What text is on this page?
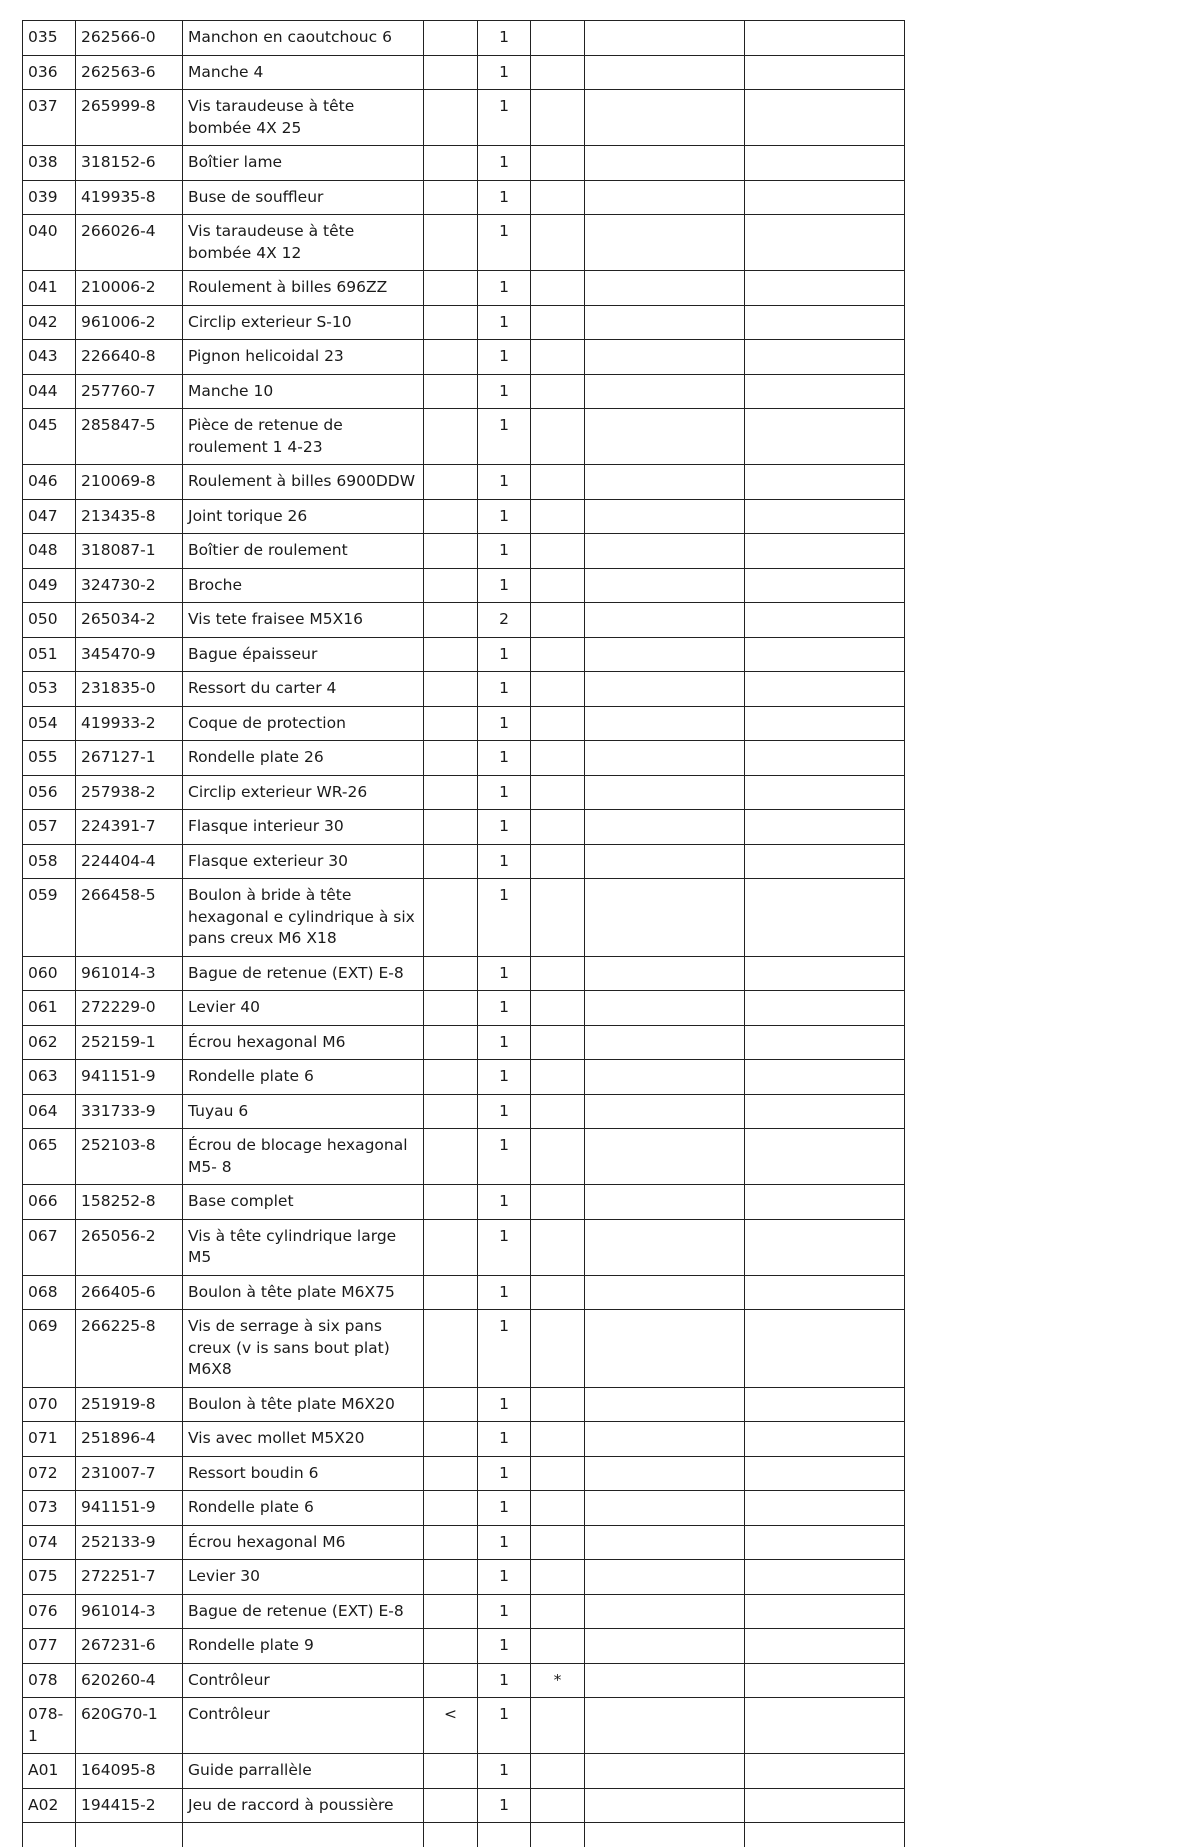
035	262566-0	Manchon en caoutchouc 6		1			
036	262563-6	Manche 4		1			
037	265999-8	Vis taraudeuse à tête bombée 4X 25		1			
038	318152-6	Boîtier lame		1			
039	419935-8	Buse de souffleur		1			
040	266026-4	Vis taraudeuse à tête bombée 4X 12		1			
041	210006-2	Roulement à billes 696ZZ		1			
042	961006-2	Circlip exterieur S-10		1			
043	226640-8	Pignon helicoidal 23		1			
044	257760-7	Manche 10		1			
045	285847-5	Pièce de retenue de roulement 1 4-23		1			
046	210069-8	Roulement à billes 6900DDW		1			
047	213435-8	Joint torique 26		1			
048	318087-1	Boîtier de roulement		1			
049	324730-2	Broche		1			
050	265034-2	Vis tete fraisee M5X16		2			
051	345470-9	Bague épaisseur		1			
053	231835-0	Ressort du carter 4		1			
054	419933-2	Coque de protection		1			
055	267127-1	Rondelle plate 26		1			
056	257938-2	Circlip exterieur WR-26		1			
057	224391-7	Flasque interieur 30		1			
058	224404-4	Flasque exterieur 30		1			
059	266458-5	Boulon à bride à tête hexagonal e cylindrique à six pans creux M6 X18		1			
060	961014-3	Bague de retenue (EXT) E-8		1			
061	272229-0	Levier 40		1			
062	252159-1	Écrou hexagonal M6		1			
063	941151-9	Rondelle plate 6		1			
064	331733-9	Tuyau 6		1			
065	252103-8	Écrou de blocage hexagonal M5- 8		1			
066	158252-8	Base complet		1			
067	265056-2	Vis à tête cylindrique large M5		1			
068	266405-6	Boulon à tête plate M6X75		1			
069	266225-8	Vis de serrage à six pans creux (v is sans bout plat) M6X8		1			
070	251919-8	Boulon à tête plate M6X20		1			
071	251896-4	Vis avec mollet M5X20		1			
072	231007-7	Ressort boudin 6		1			
073	941151-9	Rondelle plate 6		1			
074	252133-9	Écrou hexagonal M6		1			
075	272251-7	Levier 30		1			
076	961014-3	Bague de retenue (EXT) E-8		1			
077	267231-6	Rondelle plate 9		1			
078	620260-4	Contrôleur		1	*		
078-1	620G70-1	Contrôleur	<	1			
A01	164095-8	Guide parrallèle		1			
A02	194415-2	Jeu de raccord à poussière		1			
